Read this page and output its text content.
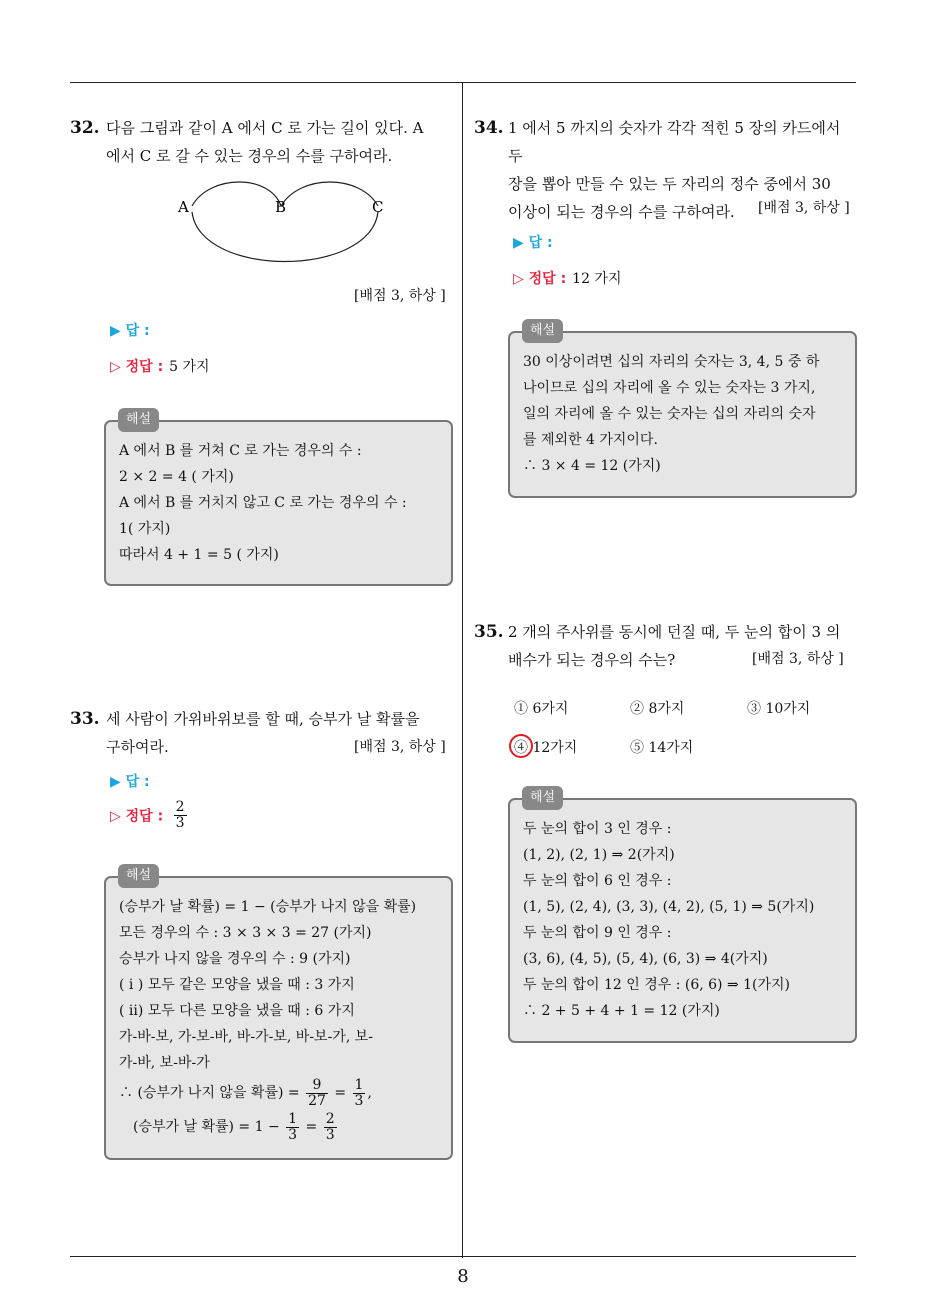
8
32. 다음 그림과 같이 A 에서 C 로 가는 길이 있다. A
에서 C 로 갈 수 있는 경우의 수를 구하여라.
A	B	C
[배점 3, 하상 ]
▶ 답 :
▷ 정답 : 5 가지
해설
A 에서 B 를 거쳐 C 로 가는 경우의 수 :
2 × 2 = 4 ( 가지)
A 에서 B 를 거치지 않고 C 로 가는 경우의 수 :
1( 가지)
따라서 4 + 1 = 5 ( 가지)
33. 세 사람이 가위바위보를 할 때, 승부가 날 확률을
구하여라.	[배점 3, 하상 ]
▶ 답 :
▷ 정답 : $\frac{2}{3}$
해설
(승부가 날 확률) = 1 − (승부가 나지 않을 확률)
모든 경우의 수 : 3 × 3 × 3 = 27 (가지)
승부가 나지 않을 경우의 수 : 9 (가지)
( i ) 모두 같은 모양을 냈을 때 : 3 가지
( ii) 모두 다른 모양을 냈을 때 : 6 가지
가-바-보, 가-보-바, 바-가-보, 바-보-가, 보-
가-바, 보-바-가
∴ (승부가 나지 않을 확률) = $\frac{9}{27} = \frac{1}{3}$ ,
(승부가 날 확률) = $1 - \frac{1}{3} = \frac{2}{3}$
34. 1 에서 5 까지의 숫자가 각각 적힌 5 장의 카드에서 두
장을 뽑아 만들 수 있는 두 자리의 정수 중에서 30
이상이 되는 경우의 수를 구하여라.	[배점 3, 하상 ]
▶ 답 :
▷ 정답 : 12 가지
해설
30 이상이려면 십의 자리의 숫자는 3, 4, 5 중 하
나이므로 십의 자리에 올 수 있는 숫자는 3 가지,
일의 자리에 올 수 있는 숫자는 십의 자리의 숫자
를 제외한 4 가지이다.
∴ 3 × 4 = 12 (가지)
35. 2 개의 주사위를 동시에 던질 때, 두 눈의 합이 3 의
배수가 되는 경우의 수는?	[배점 3, 하상 ]
① 6가지	② 8가지	③ 10가지
④ 12가지	⑤ 14가지
해설
두 눈의 합이 3 인 경우 :
(1, 2), (2, 1) ⇒ 2(가지)
두 눈의 합이 6 인 경우 :
(1, 5), (2, 4), (3, 3), (4, 2), (5, 1) ⇒ 5(가지)
두 눈의 합이 9 인 경우 :
(3, 6), (4, 5), (5, 4), (6, 3) ⇒ 4(가지)
두 눈의 합이 12 인 경우 : (6, 6) ⇒ 1(가지)
∴ 2 + 5 + 4 + 1 = 12 (가지)
